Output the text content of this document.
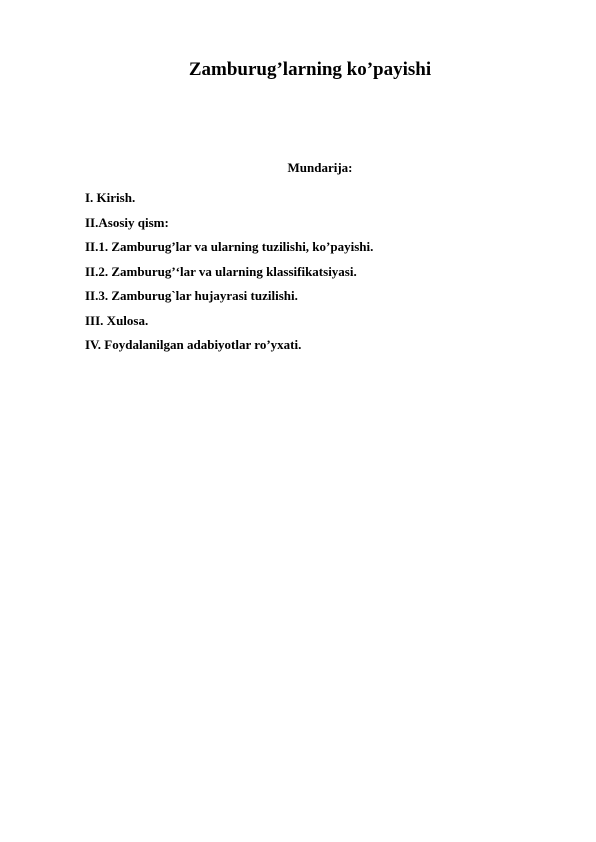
Zamburug’larning ko’payishi
Mundarija:
I. Kirish.
II.Asosiy qism:
II.1. Zamburug’lar va ularning tuzilishi, ko’payishi.
II.2. Zamburug’‘lar va ularning klassifikatsiyasi.
II.3. Zamburug`lar hujayrasi tuzilishi.
III. Xulosa.
IV. Foydalanilgan adabiyotlar ro’yxati.
